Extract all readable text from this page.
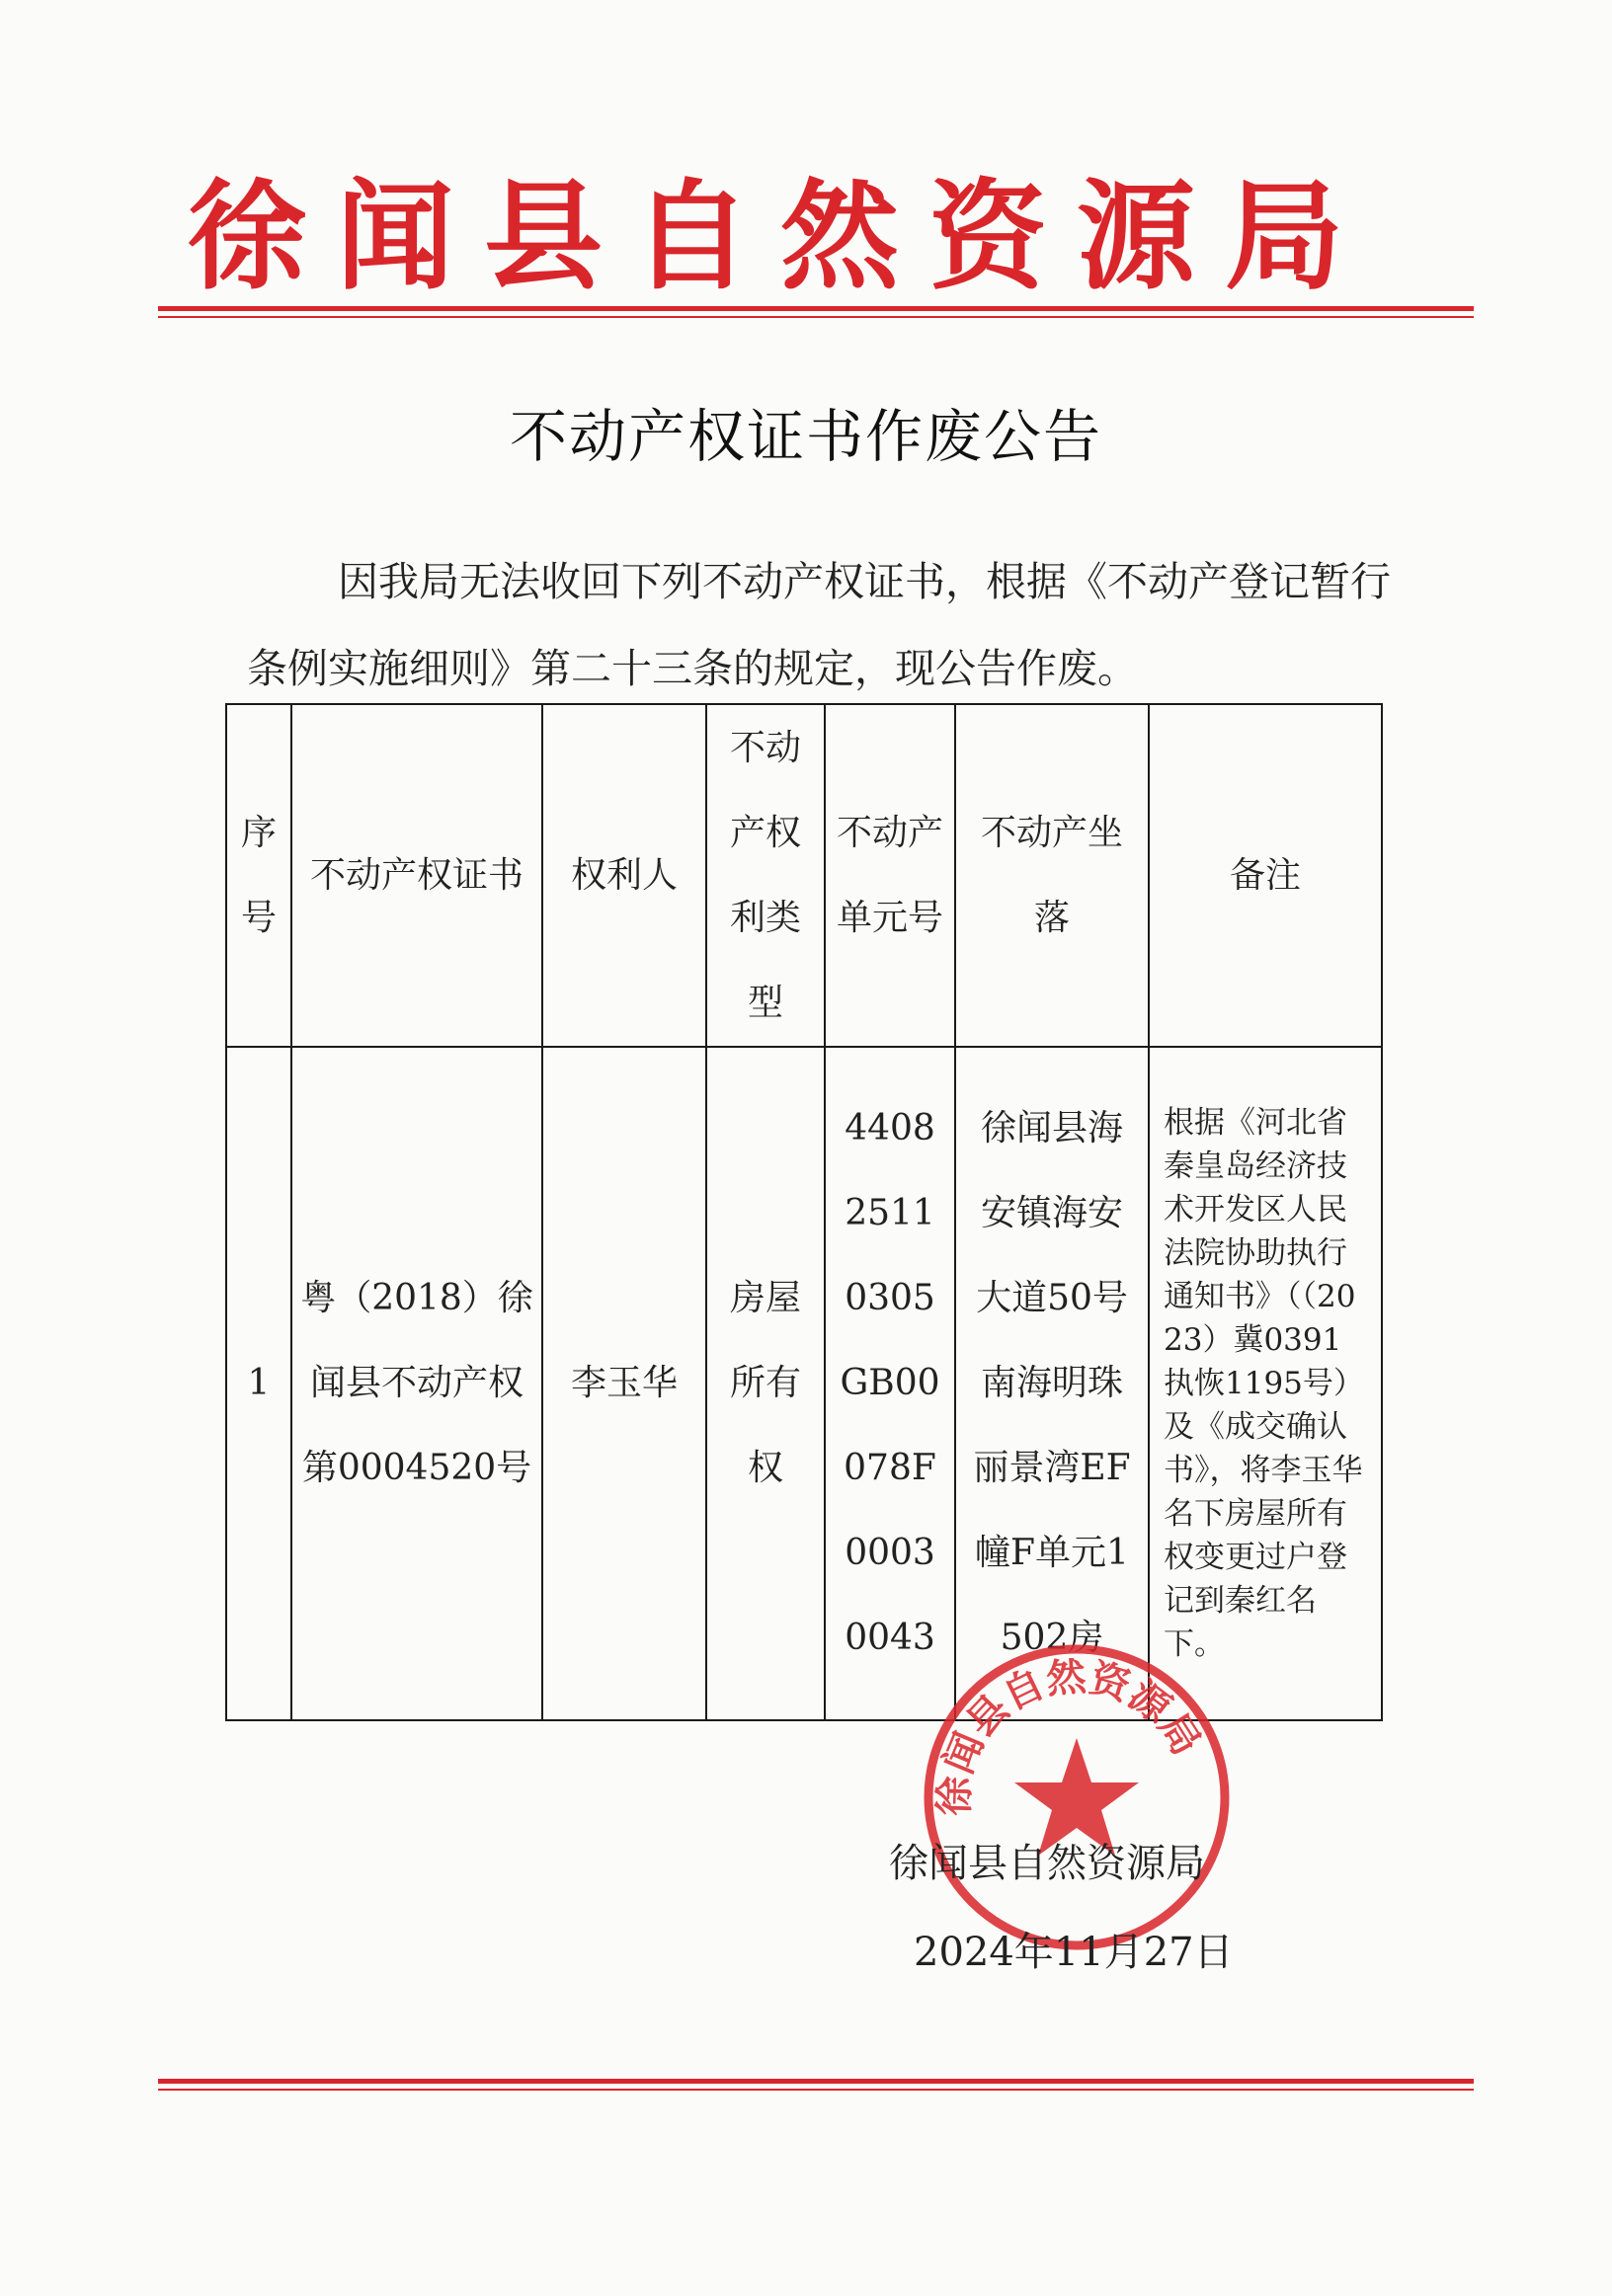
徐闻县自然资源局
不动产权证书作废公告
因我局无法收回下列不动产权证书，根据《不动产登记暂行条例实施细则》第二十三条的规定，现公告作废。
序号	不动产权证书	权利人	不动产权利类型	不动产单元号	不动产坐落	备注
1	粤（2018）徐闻县不动产权第0004520号	李玉华	房屋所有权	440825110305GB00078F00030043	徐闻县海安镇海安大道50号南海明珠丽景湾EF幢F单元1502房	根据《河北省秦皇岛经济技术开发区人民法院协助执行通知书》（（2023）冀0391执恢1195号）及《成交确认书》，将李玉华名下房屋所有权变更过户登记到秦红名下。
徐闻县自然资源局
徐闻县自然资源局
2024年11月27日
